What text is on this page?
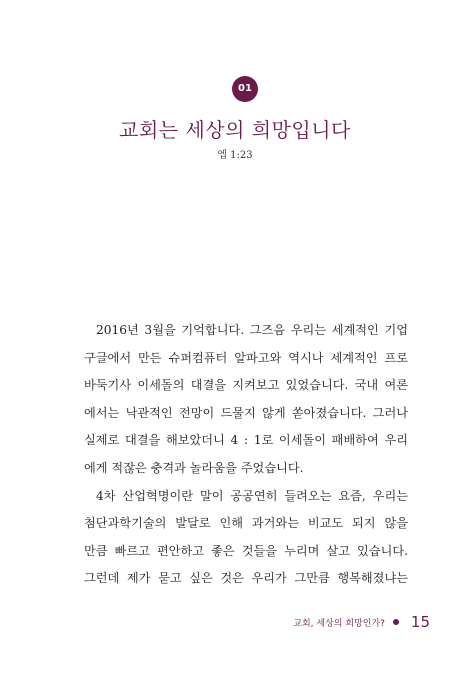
01
교회는 세상의 희망입니다
엡 1:23
2016년 3월을 기억합니다. 그즈음 우리는 세계적인 기업
구글에서 만든 슈퍼컴퓨터 알파고와 역시나 세계적인 프로
바둑기사 이세돌의 대결을 지켜보고 있었습니다. 국내 여론
에서는 낙관적인 전망이 드물지 않게 쏟아졌습니다. 그러나
실제로 대결을 해보았더니 4 : 1로 이세돌이 패배하여 우리
에게 적잖은 충격과 놀라움을 주었습니다.
4차 산업혁명이란 말이 공공연히 들려오는 요즘, 우리는
첨단과학기술의 발달로 인해 과거와는 비교도 되지 않을
만큼 빠르고 편안하고 좋은 것들을 누리며 살고 있습니다.
그런데 제가 묻고 싶은 것은 우리가 그만큼 행복해졌냐는
교회, 세상의 희망인가? 15
